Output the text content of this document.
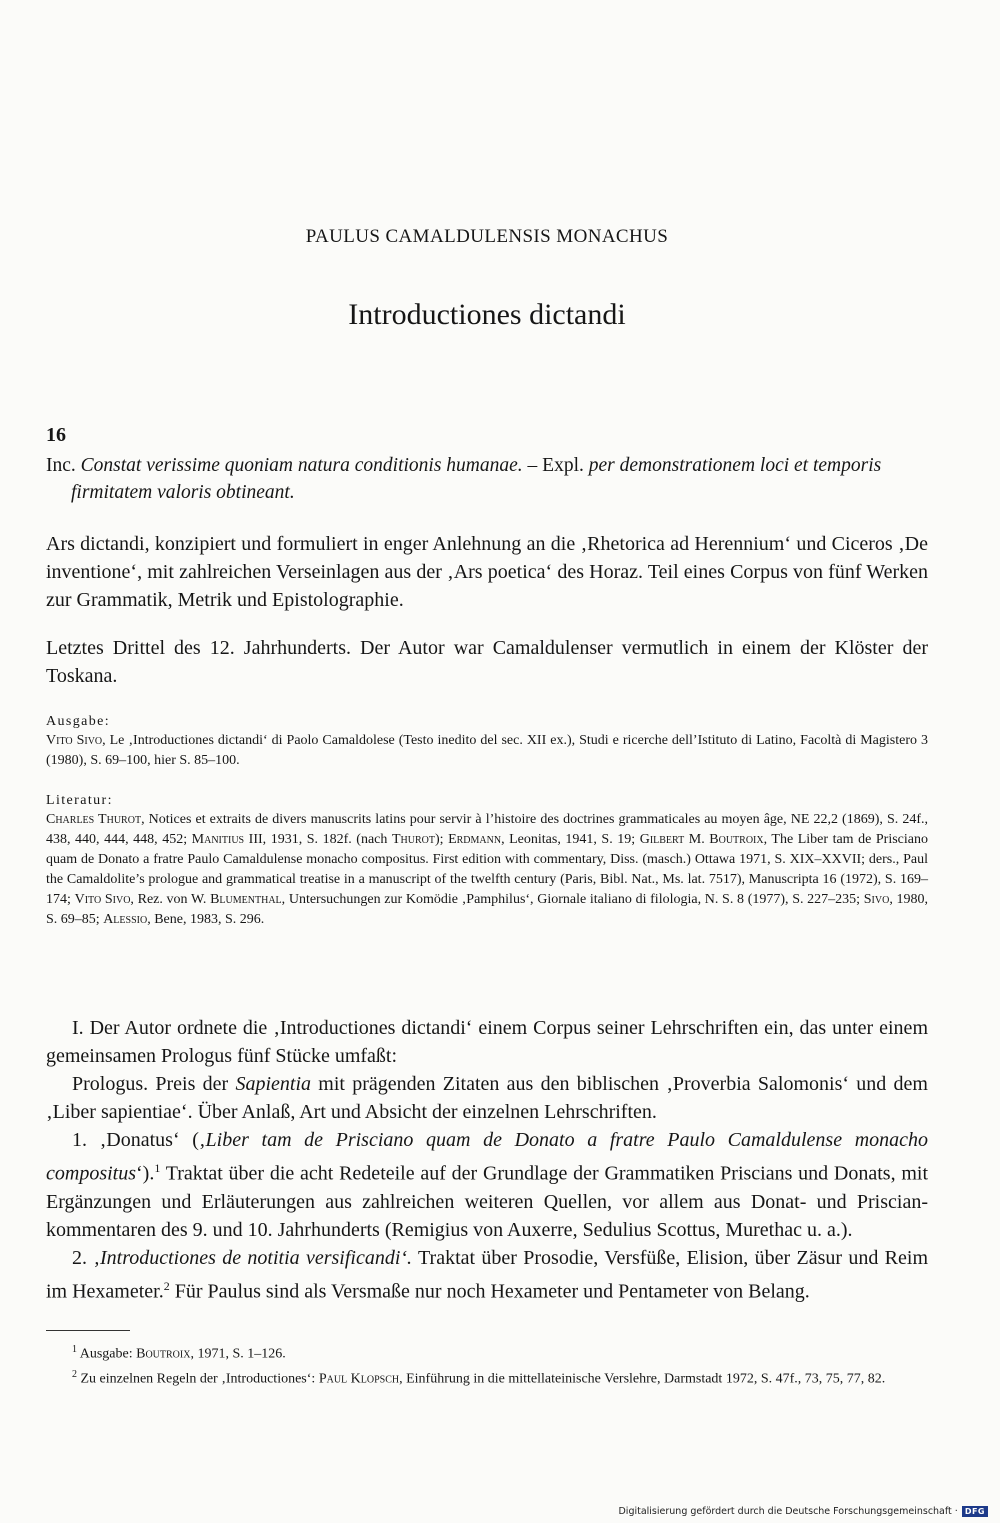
PAULUS CAMALDULENSIS MONACHUS
Introductiones dictandi
16
Inc. Constat verissime quoniam natura conditionis humanae. – Expl. per demonstrationem loci et temporis firmitatem valoris obtineant.

Ars dictandi, konzipiert und formuliert in enger Anlehnung an die ‚Rhetorica ad Herennium‘ und Ciceros ‚De inventione‘, mit zahlreichen Verseinlagen aus der ‚Ars poetica‘ des Horaz. Teil eines Corpus von fünf Werken zur Grammatik, Metrik und Epistolographie.

Letztes Drittel des 12. Jahrhunderts. Der Autor war Camaldulenser vermutlich in einem der Klöster der Toskana.

Ausgabe:

Vito Sivo, Le ‚Introductiones dictandi‘ di Paolo Camaldolese (Testo inedito del sec. XII ex.), Studi e ricerche dell’Istituto di Latino, Facoltà di Magistero 3 (1980), S. 69–100, hier S. 85–100.

Literatur:

Charles Thurot, Notices et extraits de divers manuscrits latins pour servir à l’histoire des doctrines grammaticales au moyen âge, NE 22,2 (1869), S. 24f., 438, 440, 444, 448, 452; Manitius III, 1931, S. 182f. (nach Thurot); Erdmann, Leonitas, 1941, S. 19; Gilbert M. Boutroix, The Liber tam de Prisciano quam de Donato a fratre Paulo Camaldulense monacho compositus. First edition with commentary, Diss. (masch.) Ottawa 1971, S. XIX–XXVII; ders., Paul the Camaldolite’s prologue and grammatical treatise in a manuscript of the twelfth century (Paris, Bibl. Nat., Ms. lat. 7517), Manuscripta 16 (1972), S. 169–174; Vito Sivo, Rez. von W. Blumenthal, Untersuchungen zur Komödie ‚Pamphilus‘, Giornale italiano di filologia, N. S. 8 (1977), S. 227–235; Sivo, 1980, S. 69–85; Alessio, Bene, 1983, S. 296.

I. Der Autor ordnete die ‚Introductiones dictandi‘ einem Corpus seiner Lehrschriften ein, das unter einem gemeinsamen Prologus fünf Stücke umfaßt:

Prologus. Preis der Sapientia mit prägenden Zitaten aus den biblischen ‚Proverbia Salomonis‘ und dem ‚Liber sapientiae‘. Über Anlaß, Art und Absicht der einzelnen Lehrschriften.

1. ‚Donatus‘ (‚Liber tam de Prisciano quam de Donato a fratre Paulo Camaldulense monacho compositus‘).$^1$ Traktat über die acht Redeteile auf der Grundlage der Grammatiken Priscians und Donats, mit Ergänzungen und Erläuterungen aus zahlreichen weiteren Quellen, vor allem aus Donat- und Prisciankommentaren des 9. und 10. Jahrhunderts (Remigius von Auxerre, Sedulius Scottus, Murethac u. a.).

2. ‚Introductiones de notitia versificandi‘. Traktat über Prosodie, Versfüße, Elision, über Zäsur und Reim im Hexameter.$^2$ Für Paulus sind als Versmaße nur noch Hexameter und Pentameter von Belang.

$^1$ Ausgabe: Boutroix, 1971, S. 1–126.

$^2$ Zu einzelnen Regeln der ‚Introductiones‘: Paul Klopsch, Einführung in die mittellateinische Verslehre, Darmstadt 1972, S. 47f., 73, 75, 77, 82.

Digitalisierung gefördert durch die Deutsche Forschungsgemeinschaft · DFG
